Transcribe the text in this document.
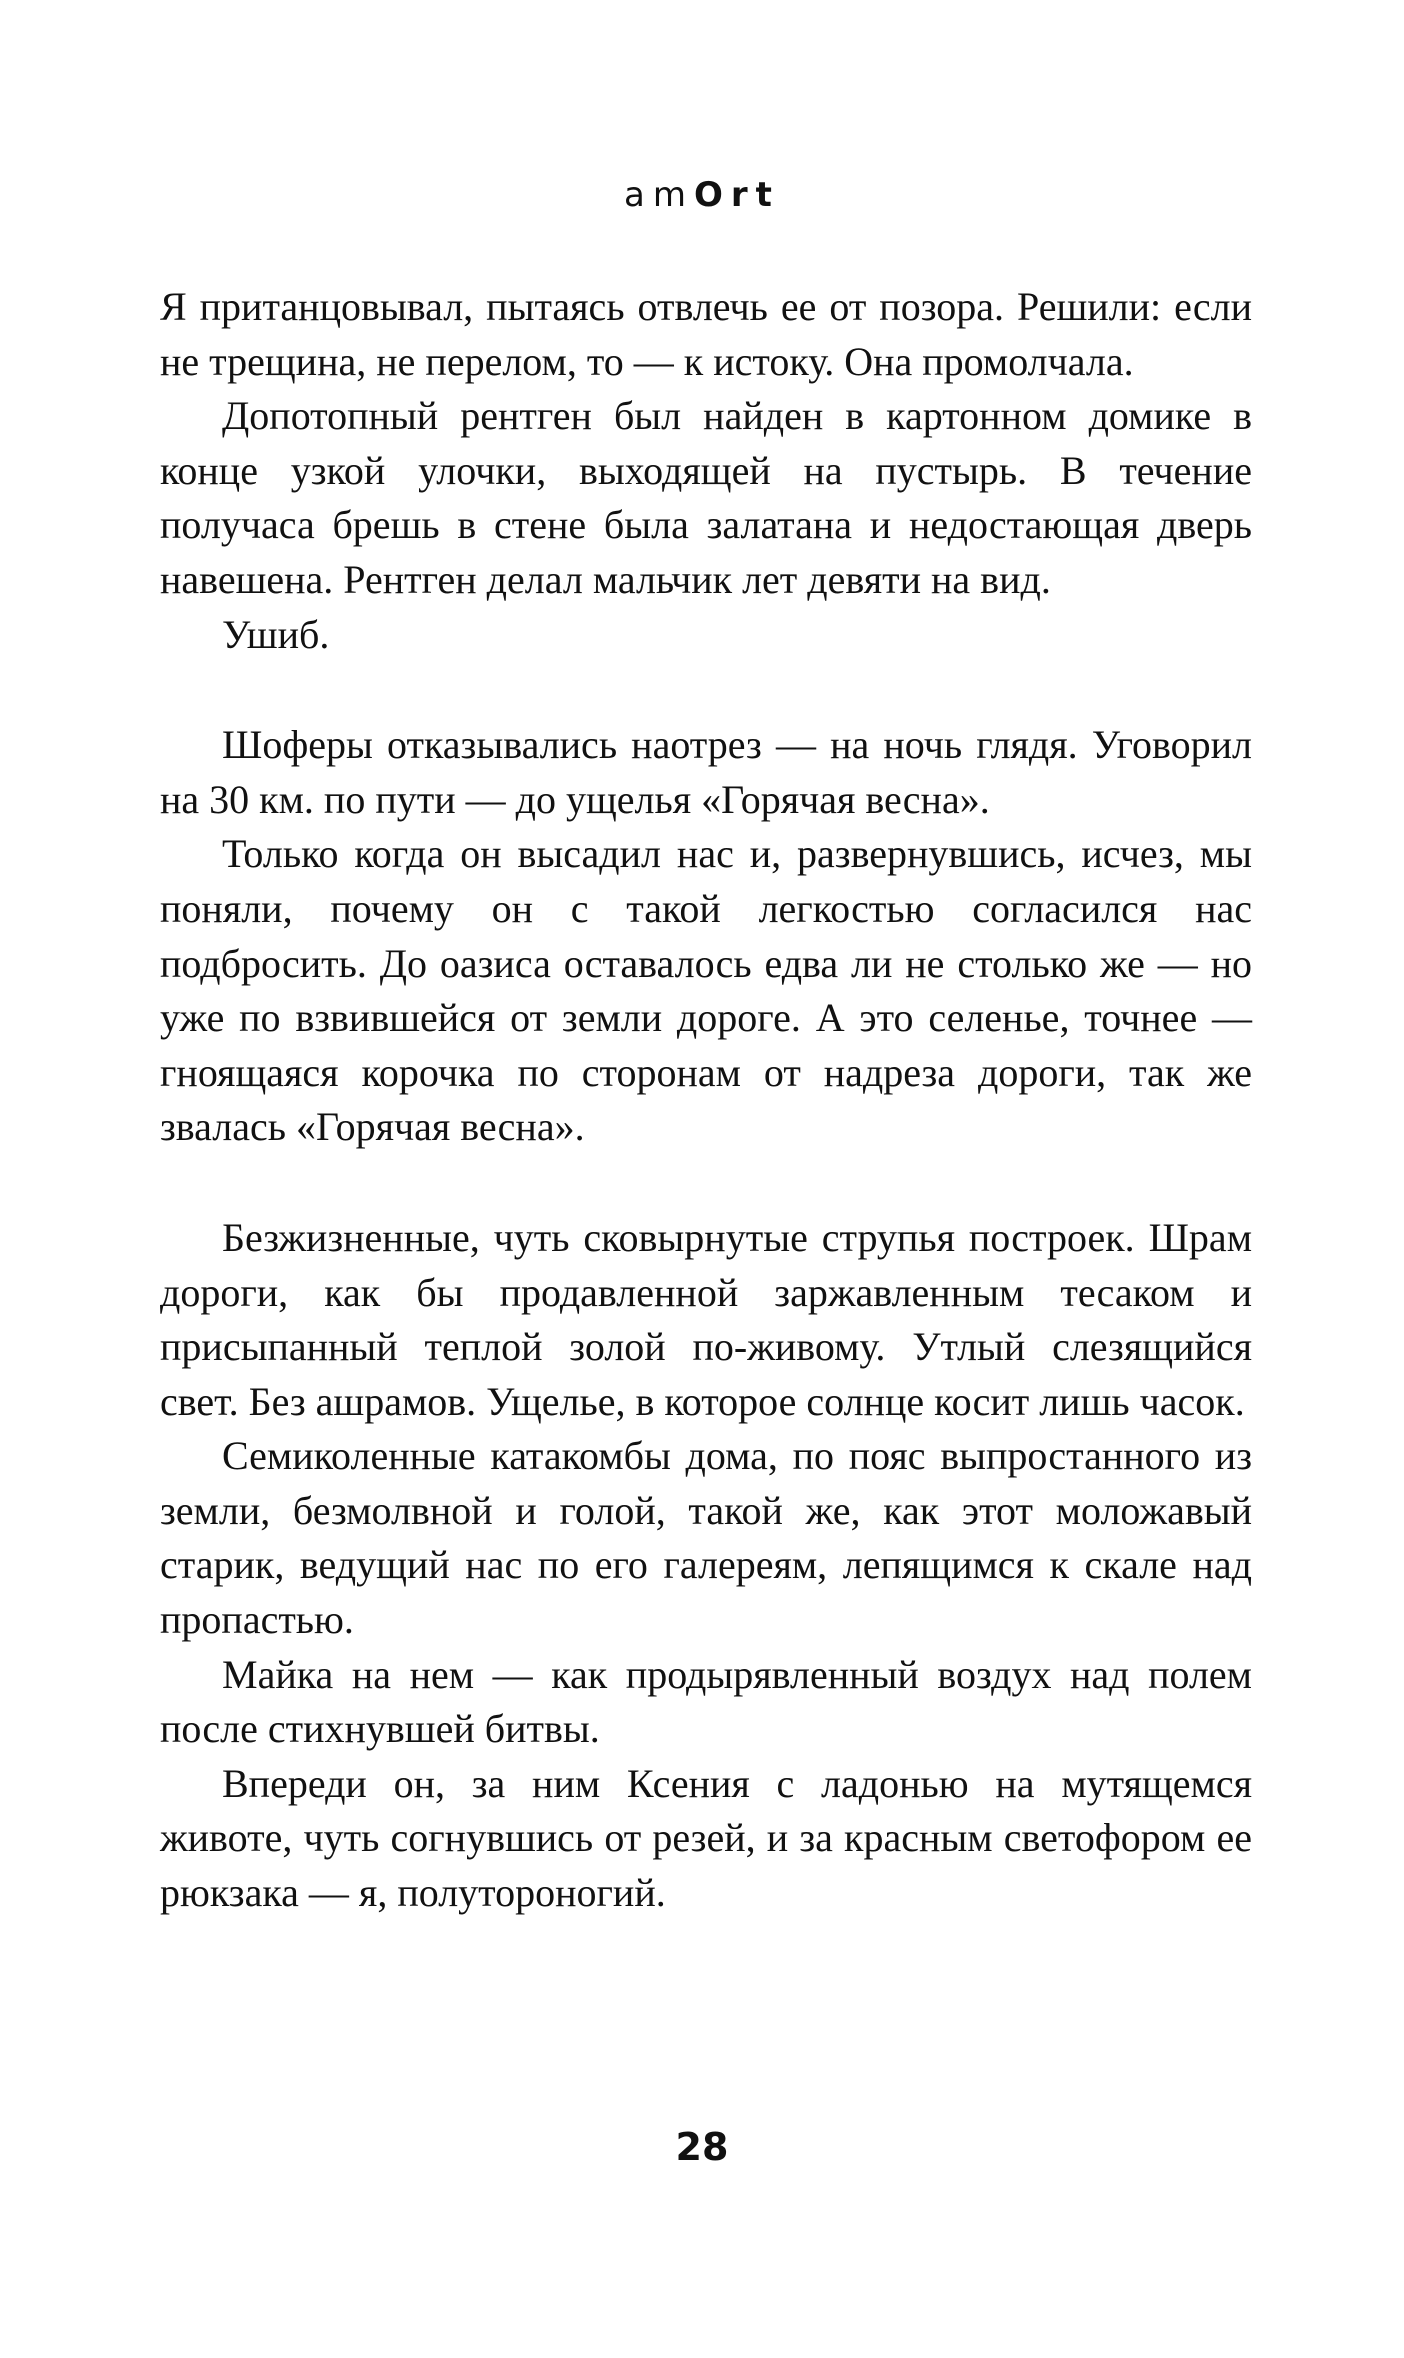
amOrt

Я пританцовывал, пытаясь отвлечь ее от позора. Решили: если не трещина, не перелом, то — к истоку. Она промолчала.

Допотопный рентген был найден в картонном домике в конце узкой улочки, выходящей на пустырь. В течение получаса брешь в стене была залатана и недостающая дверь навешена. Рентген делал мальчик лет девяти на вид.

Ушиб.

Шоферы отказывались наотрез — на ночь глядя. Уговорил на 30 км. по пути — до ущелья «Горячая весна».

Только когда он высадил нас и, развернувшись, исчез, мы поняли, почему он с такой легкостью согласился нас подбросить. До оазиса оставалось едва ли не столько же — но уже по взвившейся от земли дороге. А это селенье, точнее — гноящаяся корочка по сторонам от надреза дороги, так же звалась «Горячая весна».

Безжизненные, чуть сковырнутые струпья построек. Шрам дороги, как бы продавленной заржавленным тесаком и присыпанный теплой золой по-живому. Утлый слезящийся свет. Без ашрамов. Ущелье, в которое солнце косит лишь часок.

Семиколенные катакомбы дома, по пояс выпростанного из земли, безмолвной и голой, такой же, как этот моложавый старик, ведущий нас по его галереям, лепящимся к скале над пропастью.

Майка на нем — как продырявленный воздух над полем после стихнувшей битвы.

Впереди он, за ним Ксения с ладонью на мутящемся животе, чуть согнувшись от резей, и за красным светофором ее рюкзака — я, полутороногий.

28
